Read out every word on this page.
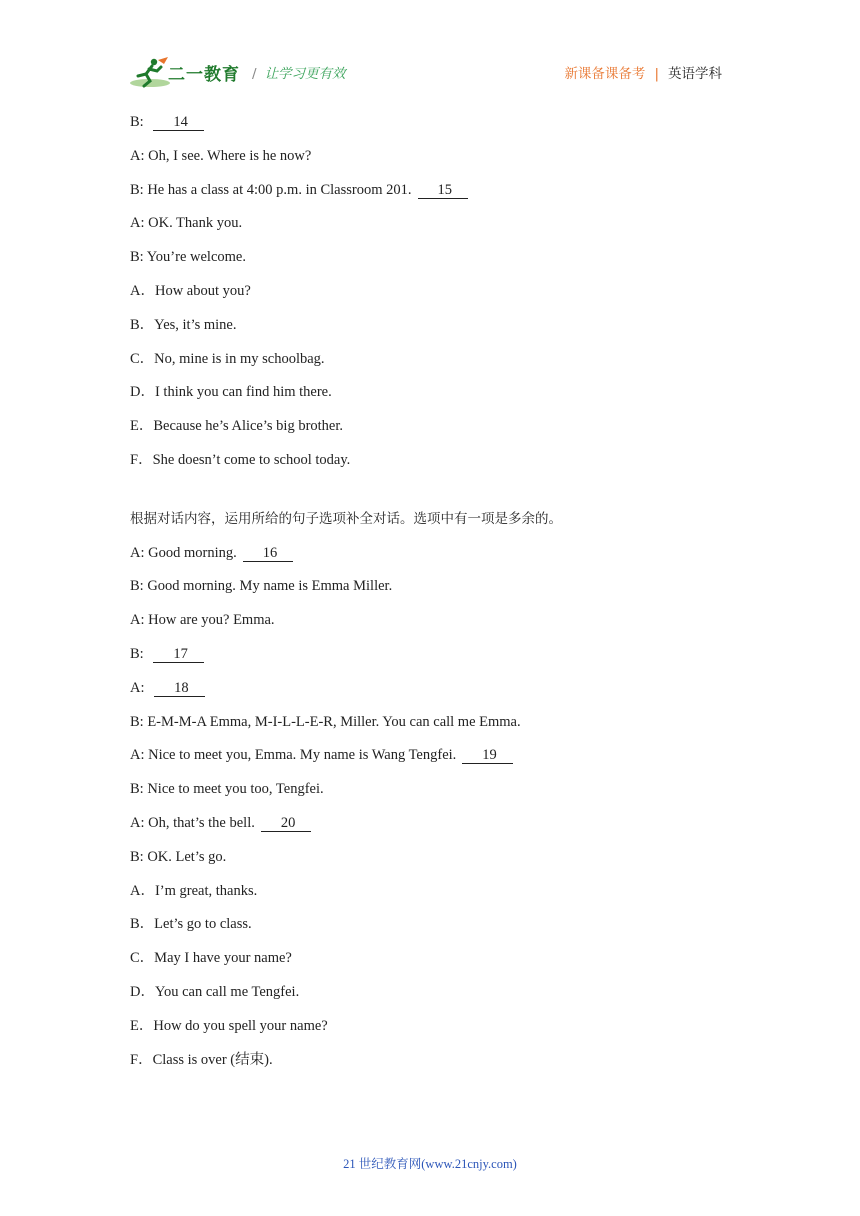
二一教育 / 让学习更有效	新课备课备考 | 英语学科
B: 14
A: Oh, I see. Where is he now?
B: He has a class at 4:00 p.m. in Classroom 201. 15
A: OK. Thank you.
B: You’re welcome.
A．How about you?
B．Yes, it’s mine.
C．No, mine is in my schoolbag.
D．I think you can find him there.
E．Because he’s Alice’s big brother.
F．She doesn’t come to school today.
根据对话内容，运用所给的句子选项补全对话。选项中有一项是多余的。
A: Good morning. 16
B: Good morning. My name is Emma Miller.
A: How are you? Emma.
B: 17
A: 18
B: E-M-M-A Emma, M-I-L-L-E-R, Miller. You can call me Emma.
A: Nice to meet you, Emma. My name is Wang Tengfei. 19
B: Nice to meet you too, Tengfei.
A: Oh, that’s the bell. 20
B: OK. Let’s go.
A．I’m great, thanks.
B．Let’s go to class.
C．May I have your name?
D．You can call me Tengfei.
E．How do you spell your name?
F．Class is over (结束).
21 世纪教育网(www.21cnjy.com)
